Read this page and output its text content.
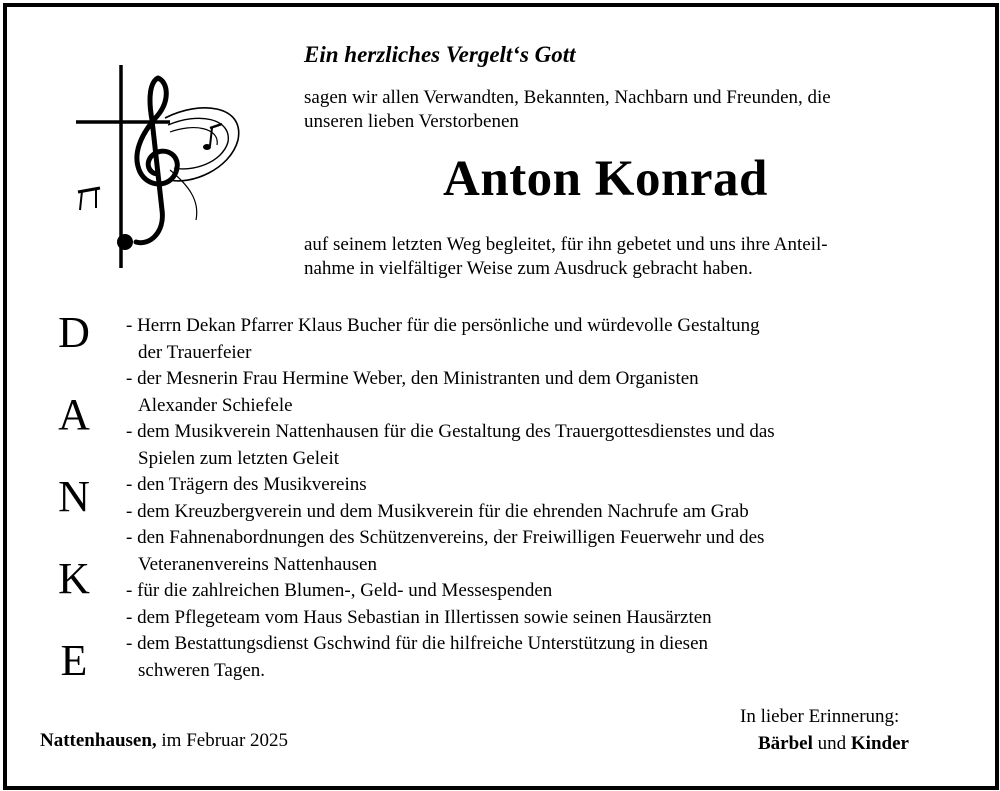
Ein herzliches Vergelt‘s Gott
sagen wir allen Verwandten, Bekannten, Nachbarn und Freunden, die
unseren lieben Verstorbenen
Anton Konrad
auf seinem letzten Weg begleitet, für ihn gebetet und uns ihre Anteil-
nahme in vielfältiger Weise zum Ausdruck gebracht haben.
D
A
N
K
E
- Herrn Dekan Pfarrer Klaus Bucher für die persönliche und würdevolle Gestaltung
der Trauerfeier
- der Mesnerin Frau Hermine Weber, den Ministranten und dem Organisten
Alexander Schiefele
- dem Musikverein Nattenhausen für die Gestaltung des Trauergottesdienstes und das
Spielen zum letzten Geleit
- den Trägern des Musikvereins
- dem Kreuzbergverein und dem Musikverein für die ehrenden Nachrufe am Grab
- den Fahnenabordnungen des Schützenvereins, der Freiwilligen Feuerwehr und des
Veteranenvereins Nattenhausen
- für die zahlreichen Blumen-, Geld- und Messespenden
- dem Pflegeteam vom Haus Sebastian in Illertissen sowie seinen Hausärzten
- dem Bestattungsdienst Gschwind für die hilfreiche Unterstützung in diesen
schweren Tagen.
Nattenhausen, im Februar 2025
In lieber Erinnerung:
Bärbel und Kinder
